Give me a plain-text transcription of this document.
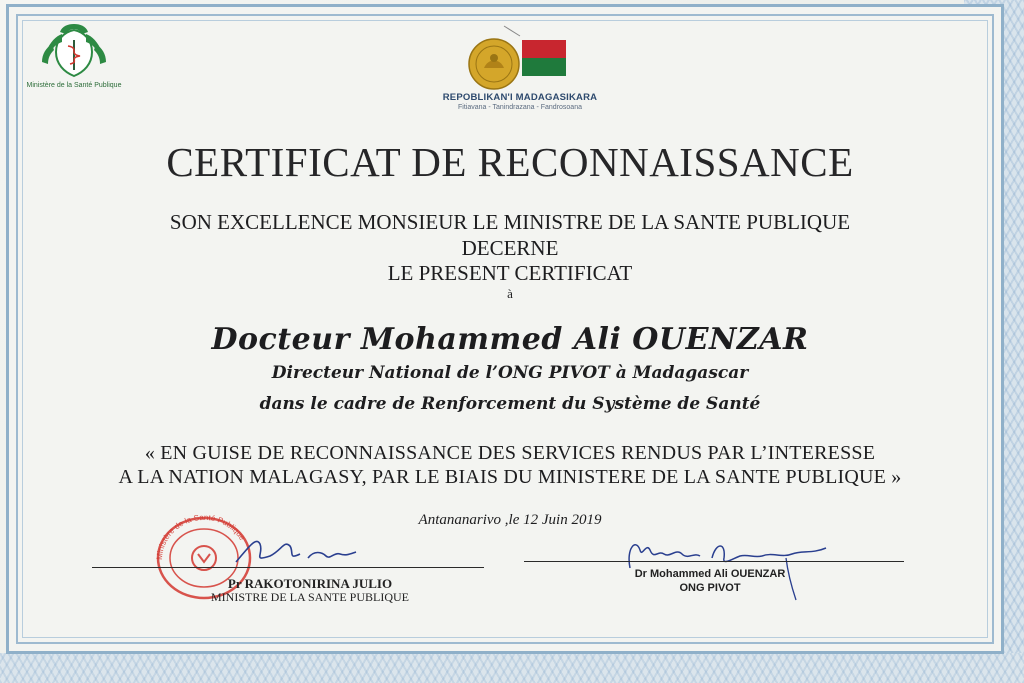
Ministère de la Santé Publique
REPOBLIKAN'I MADAGASIKARA
Fitiavana - Tanindrazana - Fandrosoana
CERTIFICAT DE RECONNAISSANCE
SON EXCELLENCE MONSIEUR LE MINISTRE DE LA SANTE PUBLIQUE
DECERNE
LE PRESENT CERTIFICAT
à
Docteur Mohammed Ali OUENZAR
Directeur National de l’ONG PIVOT à Madagascar
dans le cadre de Renforcement du Système de Santé
« EN GUISE DE RECONNAISSANCE DES SERVICES RENDUS PAR L’INTERESSE
A LA NATION MALAGASY, PAR LE BIAIS DU MINISTERE DE LA SANTE PUBLIQUE »
Antananarivo ,le 12 Juin 2019
Ministère de la Santé Publique
Pr RAKOTONIRINA JULIO
MINISTRE DE LA SANTE PUBLIQUE
Dr Mohammed Ali OUENZAR
ONG PIVOT
